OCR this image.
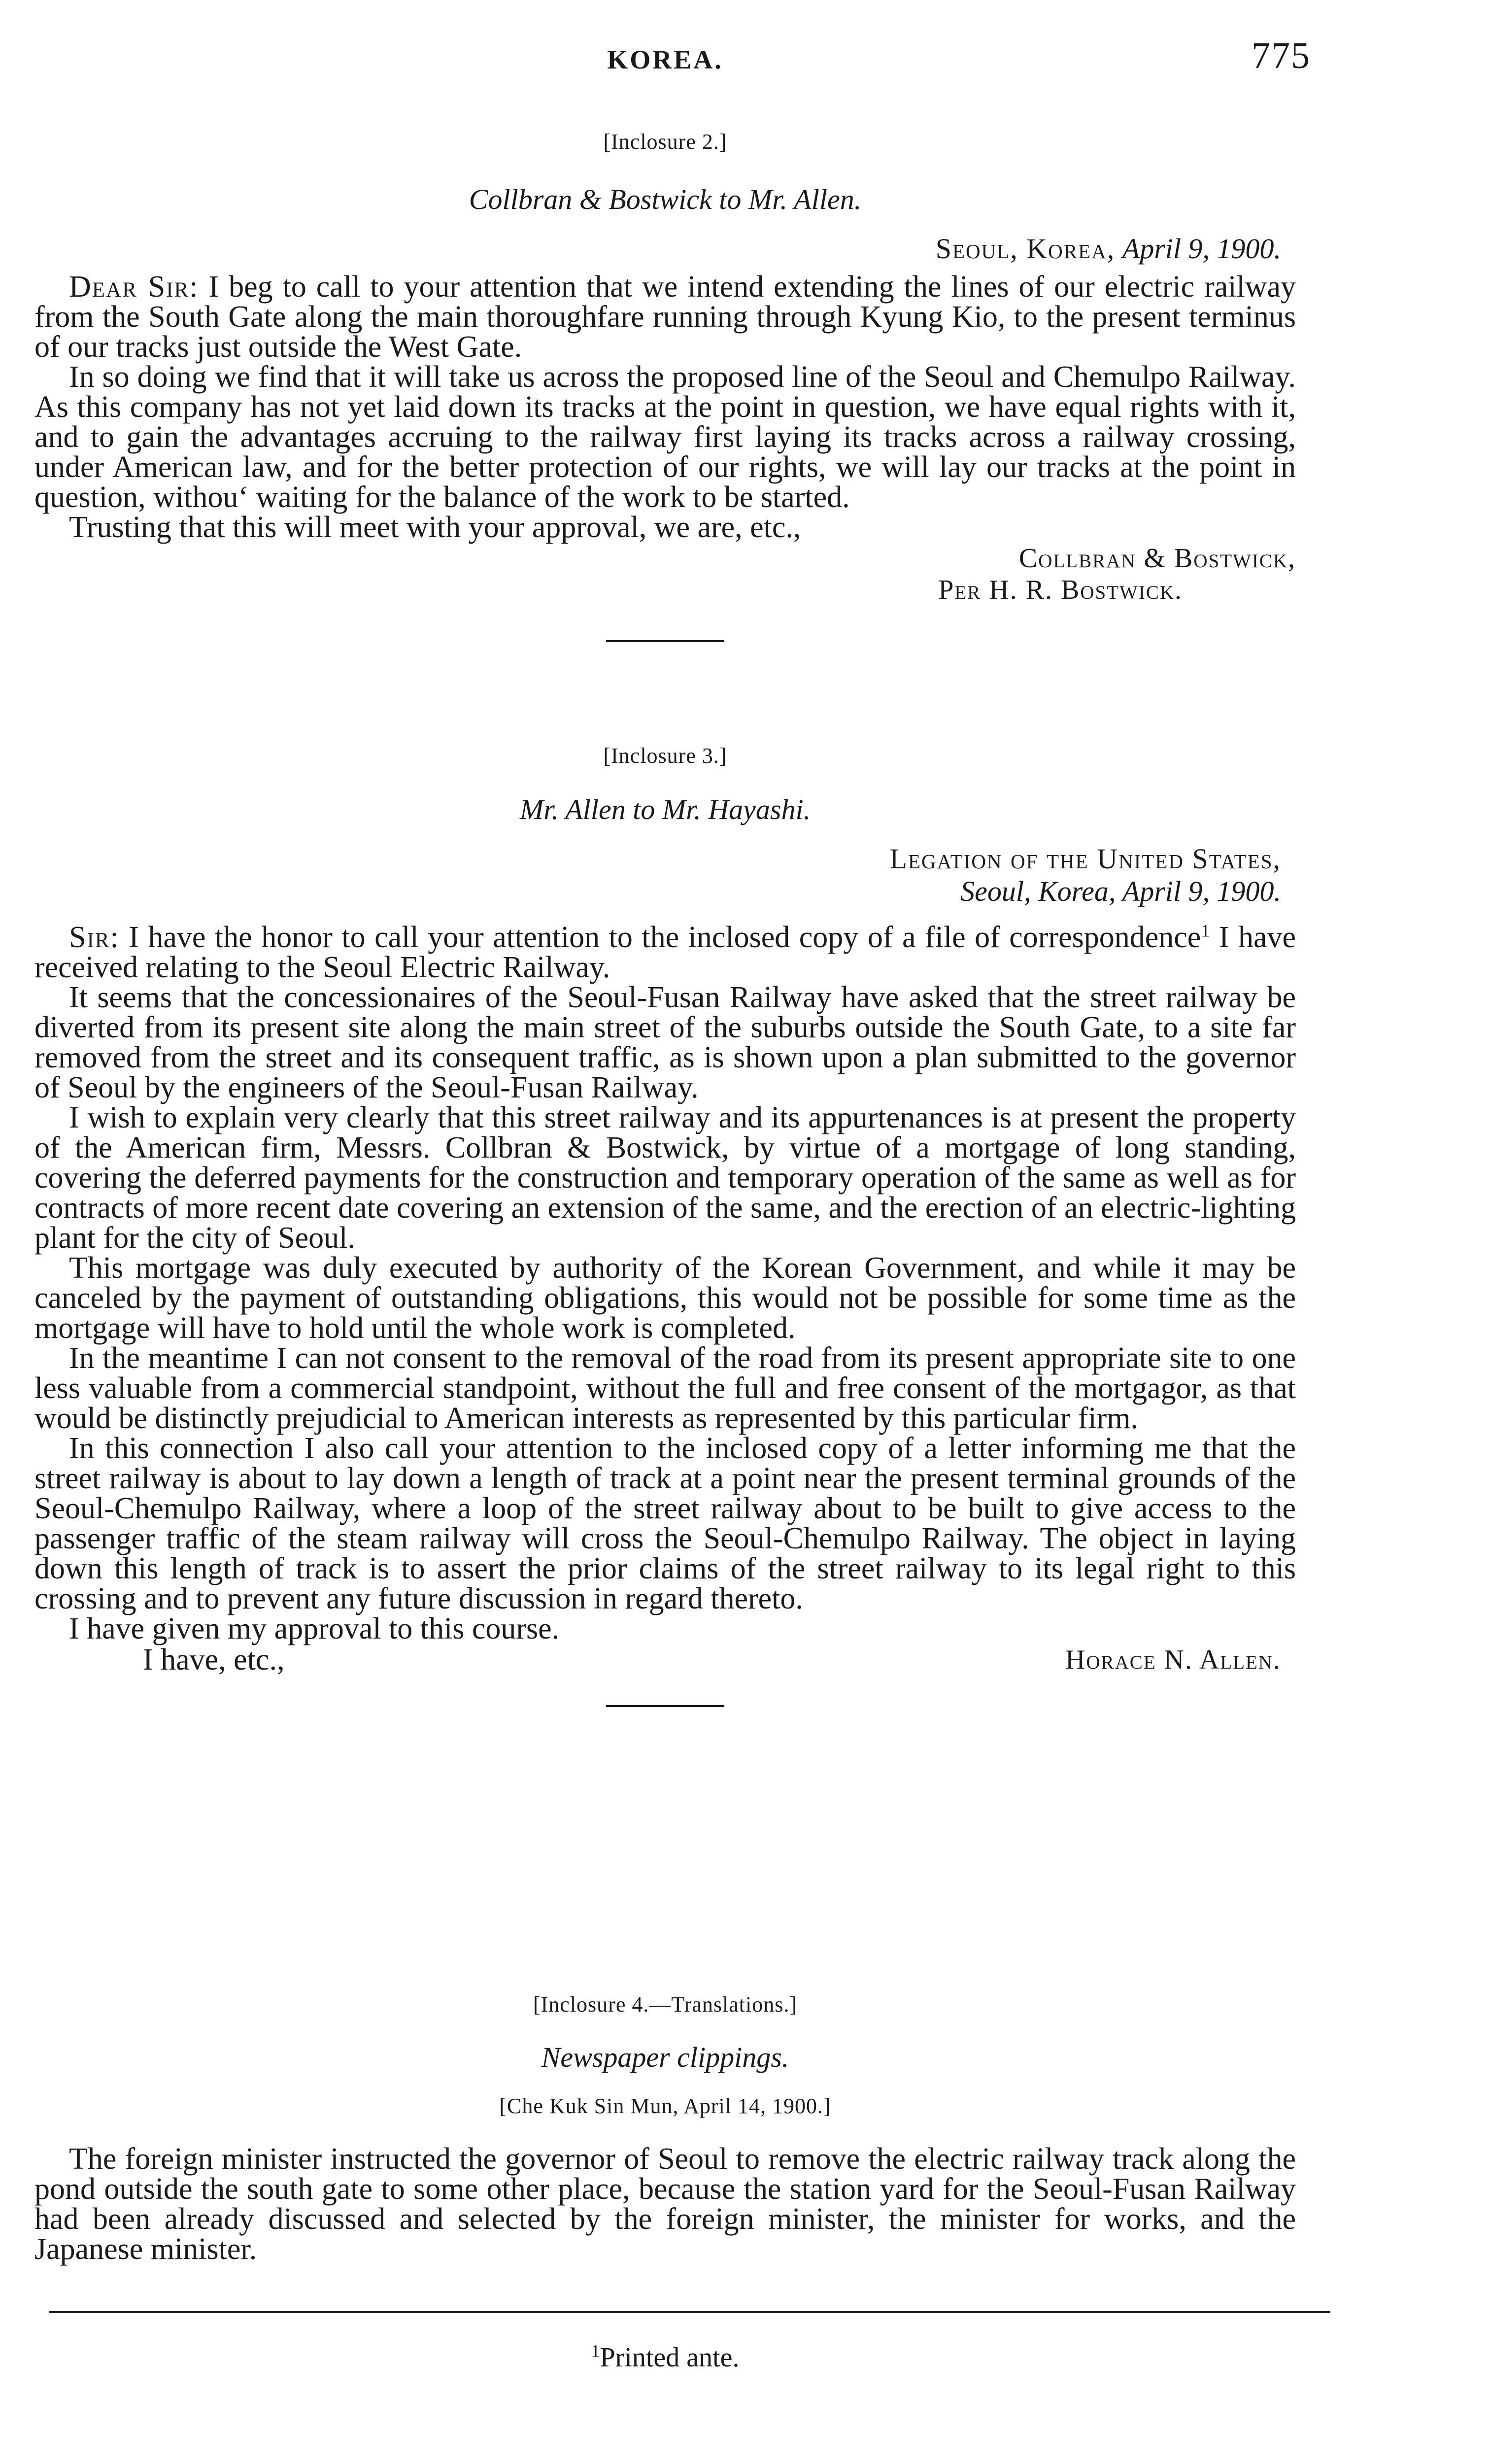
KOREA.	775
[Inclosure 2.]
Collbran & Bostwick to Mr. Allen.
Seoul, Korea, April 9, 1900.

Dear Sir: I beg to call to your attention that we intend extending the lines of our electric railway from the South Gate along the main thoroughfare running through Kyung Kio, to the present terminus of our tracks just outside the West Gate.

In so doing we find that it will take us across the proposed line of the Seoul and Chemulpo Railway. As this company has not yet laid down its tracks at the point in question, we have equal rights with it, and to gain the advantages accruing to the railway first laying its tracks across a railway crossing, under American law, and for the better protection of our rights, we will lay our tracks at the point in question, withou‘ waiting for the balance of the work to be started.

Trusting that this will meet with your approval, we are, etc.,

Collbran & Bostwick,
Per H. R. Bostwick.
[Inclosure 3.]
Mr. Allen to Mr. Hayashi.
Legation of the United States,
Seoul, Korea, April 9, 1900.

Sir: I have the honor to call your attention to the inclosed copy of a file of correspondence$^1$ I have received relating to the Seoul Electric Railway.

It seems that the concessionaires of the Seoul-Fusan Railway have asked that the street railway be diverted from its present site along the main street of the suburbs outside the South Gate, to a site far removed from the street and its consequent traffic, as is shown upon a plan submitted to the governor of Seoul by the engineers of the Seoul-Fusan Railway.

I wish to explain very clearly that this street railway and its appurtenances is at present the property of the American firm, Messrs. Collbran & Bostwick, by virtue of a mortgage of long standing, covering the deferred payments for the construction and temporary operation of the same as well as for contracts of more recent date covering an extension of the same, and the erection of an electric-lighting plant for the city of Seoul.

This mortgage was duly executed by authority of the Korean Government, and while it may be canceled by the payment of outstanding obligations, this would not be possible for some time as the mortgage will have to hold until the whole work is completed.

In the meantime I can not consent to the removal of the road from its present appropriate site to one less valuable from a commercial standpoint, without the full and free consent of the mortgagor, as that would be distinctly prejudicial to American interests as represented by this particular firm.

In this connection I also call your attention to the inclosed copy of a letter informing me that the street railway is about to lay down a length of track at a point near the present terminal grounds of the Seoul-Chemulpo Railway, where a loop of the street railway about to be built to give access to the passenger traffic of the steam railway will cross the Seoul-Chemulpo Railway. The object in laying down this length of track is to assert the prior claims of the street railway to its legal right to this crossing and to prevent any future discussion in regard thereto.

I have given my approval to this course.

I have, etc.,	Horace N. Allen.
[Inclosure 4.—Translations.]
Newspaper clippings.
[Che Kuk Sin Mun, April 14, 1900.]

The foreign minister instructed the governor of Seoul to remove the electric railway track along the pond outside the south gate to some other place, because the station yard for the Seoul-Fusan Railway had been already discussed and selected by the foreign minister, the minister for works, and the Japanese minister.

$^1$Printed ante.
